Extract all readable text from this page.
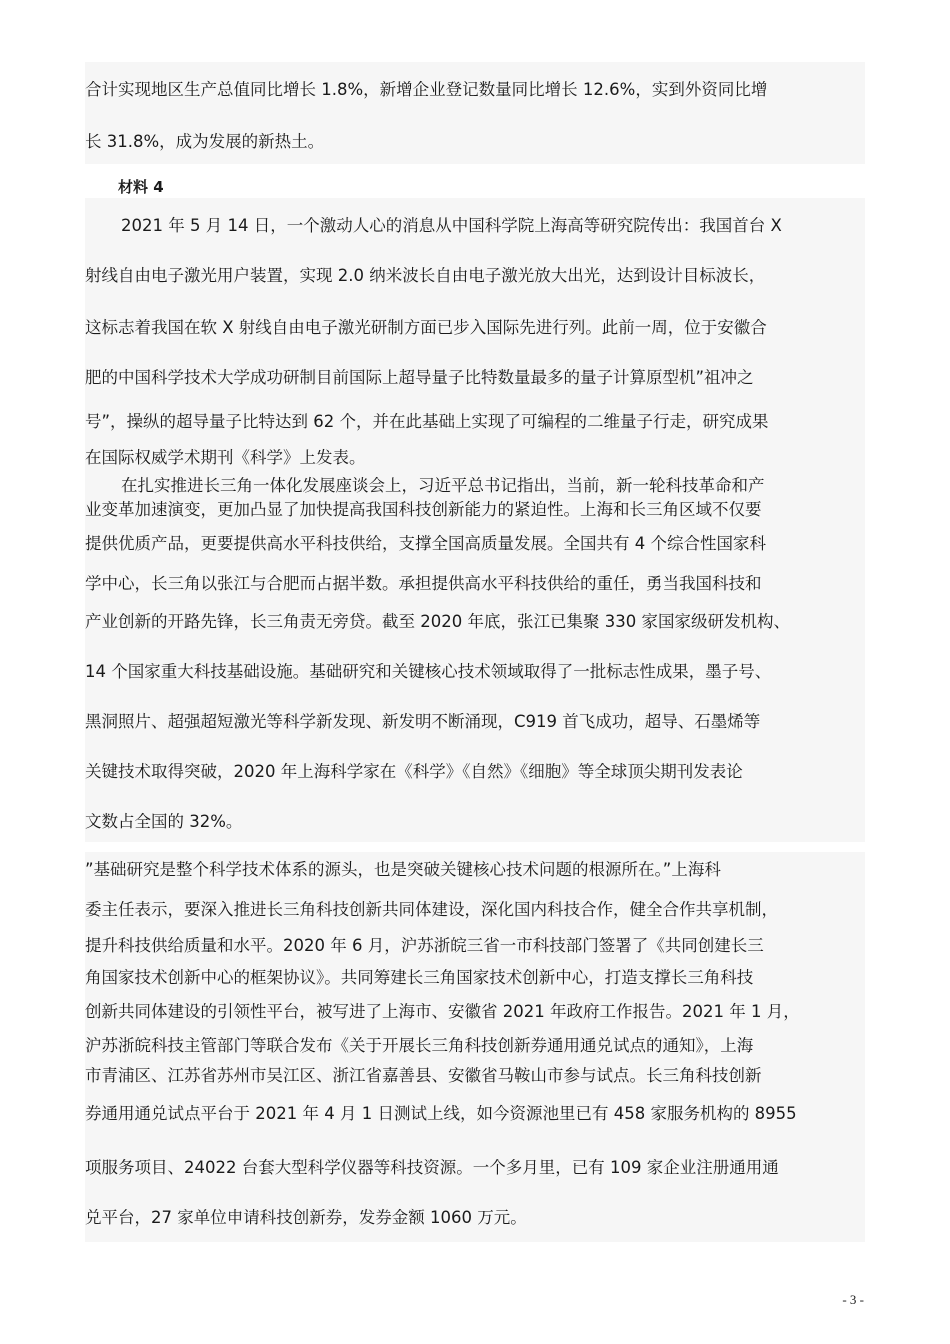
合计实现地区生产总值同比增长 1.8%，新增企业登记数量同比增长 12.6%，实到外资同比增
长 31.8%，成为发展的新热土。
材料 4
2021 年 5 月 14 日，一个激动人心的消息从中国科学院上海高等研究院传出：我国首台 X
射线自由电子激光用户装置，实现 2.0 纳米波长自由电子激光放大出光，达到设计目标波长，
这标志着我国在软 X 射线自由电子激光研制方面已步入国际先进行列。此前一周，位于安徽合
肥的中国科学技术大学成功研制目前国际上超导量子比特数量最多的量子计算原型机”祖冲之
号”，操纵的超导量子比特达到 62 个，并在此基础上实现了可编程的二维量子行走，研究成果
在国际权威学术期刊《科学》上发表。
在扎实推进长三角一体化发展座谈会上，习近平总书记指出，当前，新一轮科技革命和产
业变革加速演变，更加凸显了加快提高我国科技创新能力的紧迫性。上海和长三角区域不仅要
提供优质产品，更要提供高水平科技供给，支撑全国高质量发展。全国共有 4 个综合性国家科
学中心，长三角以张江与合肥而占据半数。承担提供高水平科技供给的重任，勇当我国科技和
产业创新的开路先锋，长三角责无旁贷。截至 2020 年底，张江已集聚 330 家国家级研发机构、
14 个国家重大科技基础设施。基础研究和关键核心技术领域取得了一批标志性成果，墨子号、
黑洞照片、超强超短激光等科学新发现、新发明不断涌现，C919 首飞成功，超导、石墨烯等
关键技术取得突破，2020 年上海科学家在《科学》《自然》《细胞》等全球顶尖期刊发表论
文数占全国的 32%。
”基础研究是整个科学技术体系的源头，也是突破关键核心技术问题的根源所在。”上海科
委主任表示，要深入推进长三角科技创新共同体建设，深化国内科技合作，健全合作共享机制，
提升科技供给质量和水平。2020 年 6 月，沪苏浙皖三省一市科技部门签署了《共同创建长三
角国家技术创新中心的框架协议》。共同筹建长三角国家技术创新中心，打造支撑长三角科技
创新共同体建设的引领性平台，被写进了上海市、安徽省 2021 年政府工作报告。2021 年 1 月，
沪苏浙皖科技主管部门等联合发布《关于开展长三角科技创新券通用通兑试点的通知》，上海
市青浦区、江苏省苏州市吴江区、浙江省嘉善县、安徽省马鞍山市参与试点。长三角科技创新
券通用通兑试点平台于 2021 年 4 月 1 日测试上线，如今资源池里已有 458 家服务机构的 8955
项服务项目、24022 台套大型科学仪器等科技资源。一个多月里，已有 109 家企业注册通用通
兑平台，27 家单位申请科技创新券，发券金额 1060 万元。
- 3 -
